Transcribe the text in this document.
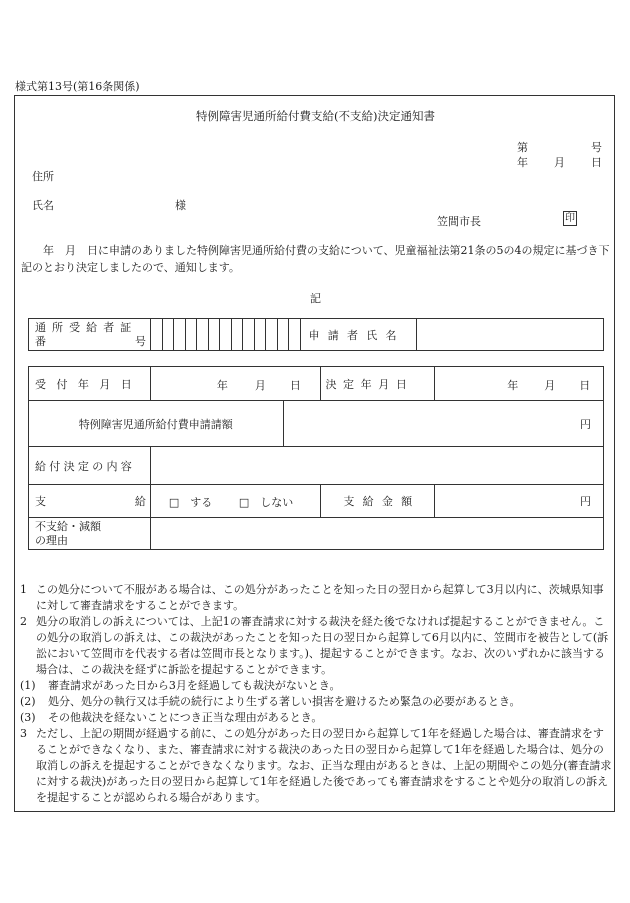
様式第13号(第16条関係)
特例障害児通所給付費支給(不支給)決定通知書
第	号
年 月 日
住所
氏名	様
笠間市長	印
　　年　月　日に申請のありました特例障害児通所給付費の支給について、児童福祉法第21条の5の4の規定に基づき下記のとおり決定しましたので、通知します。
記
通所受給者証
番	号														申請者氏名	
受付年月日	年 月 日		決定年月日	年 月 日

特例障害児通所給付費申請請額		円		
給付決定の内容				

支 給	□　する □　しない		支給金額	円

不支給・減額
の理由				

1 この処分について不服がある場合は、この処分があったことを知った日の翌日から起算して3月以内に、茨城県知事に対して審査請求をすることができます。
2 処分の取消しの訴えについては、上記1の審査請求に対する裁決を経た後でなければ提起することができません。この処分の取消しの訴えは、この裁決があったことを知った日の翌日から起算して6月以内に、笠間市を被告として(訴訟において笠間市を代表する者は笠間市長となります。)、提起することができます。なお、次のいずれかに該当する場合は、この裁決を経ずに訴訟を提起することができます。
(1)	審査請求があった日から3月を経過しても裁決がないとき。
(2)	処分、処分の執行又は手続の続行により生ずる著しい損害を避けるため緊急の必要があるとき。
(3)	その他裁決を経ないことにつき正当な理由があるとき。
3 ただし、上記の期間が経過する前に、この処分があった日の翌日から起算して1年を経過した場合は、審査請求をすることができなくなり、また、審査請求に対する裁決のあった日の翌日から起算して1年を経過した場合は、処分の取消しの訴えを提起することができなくなります。なお、正当な理由があるときは、上記の期間やこの処分(審査請求に対する裁決)があった日の翌日から起算して1年を経過した後であっても審査請求をすることや処分の取消しの訴えを提起することが認められる場合があります。
